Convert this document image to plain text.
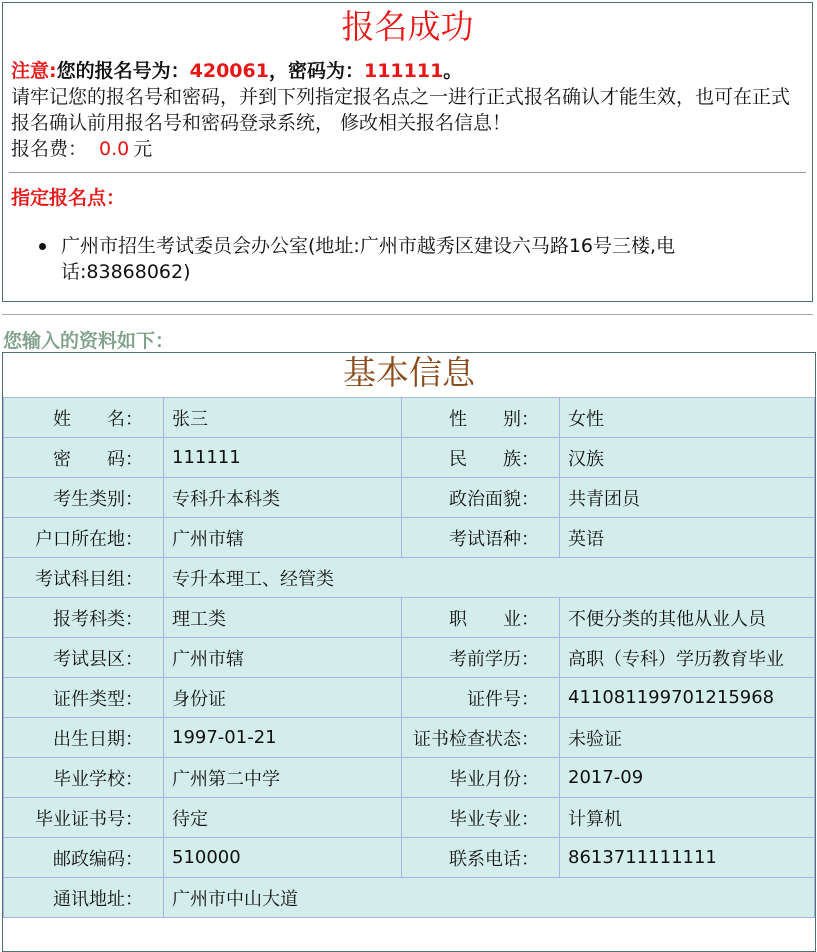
报名成功
注意:您的报名号为：420061，密码为：111111。

请牢记您的报名号和密码，并到下列指定报名点之一进行正式报名确认才能生效，也可在正式报名确认前用报名号和密码登录系统， 修改相关报名信息！

报名费： 0.0 元
指定报名点：
广州市招生考试委员会办公室(地址:广州市越秀区建设六马路16号三楼,电话:83868062)
您输入的资料如下：
基本信息
姓　　名：	张三	性　　别：	女性
密　　码：	111111	民　　族：	汉族
考生类别：	专科升本科类	政治面貌：	共青团员
户口所在地：	广州市辖	考试语种：	英语
考试科目组：	专升本理工、经管类		
报考科类：	理工类	职　　业：	不便分类的其他从业人员
考试县区：	广州市辖	考前学历：	高职（专科）学历教育毕业
证件类型：	身份证	证件号：	411081199701215968
出生日期：	1997-01-21	证书检查状态：	未验证
毕业学校：	广州第二中学	毕业月份：	2017-09
毕业证书号：	待定	毕业专业：	计算机
邮政编码：	510000	联系电话：	8613711111111
通讯地址：	广州市中山大道		
